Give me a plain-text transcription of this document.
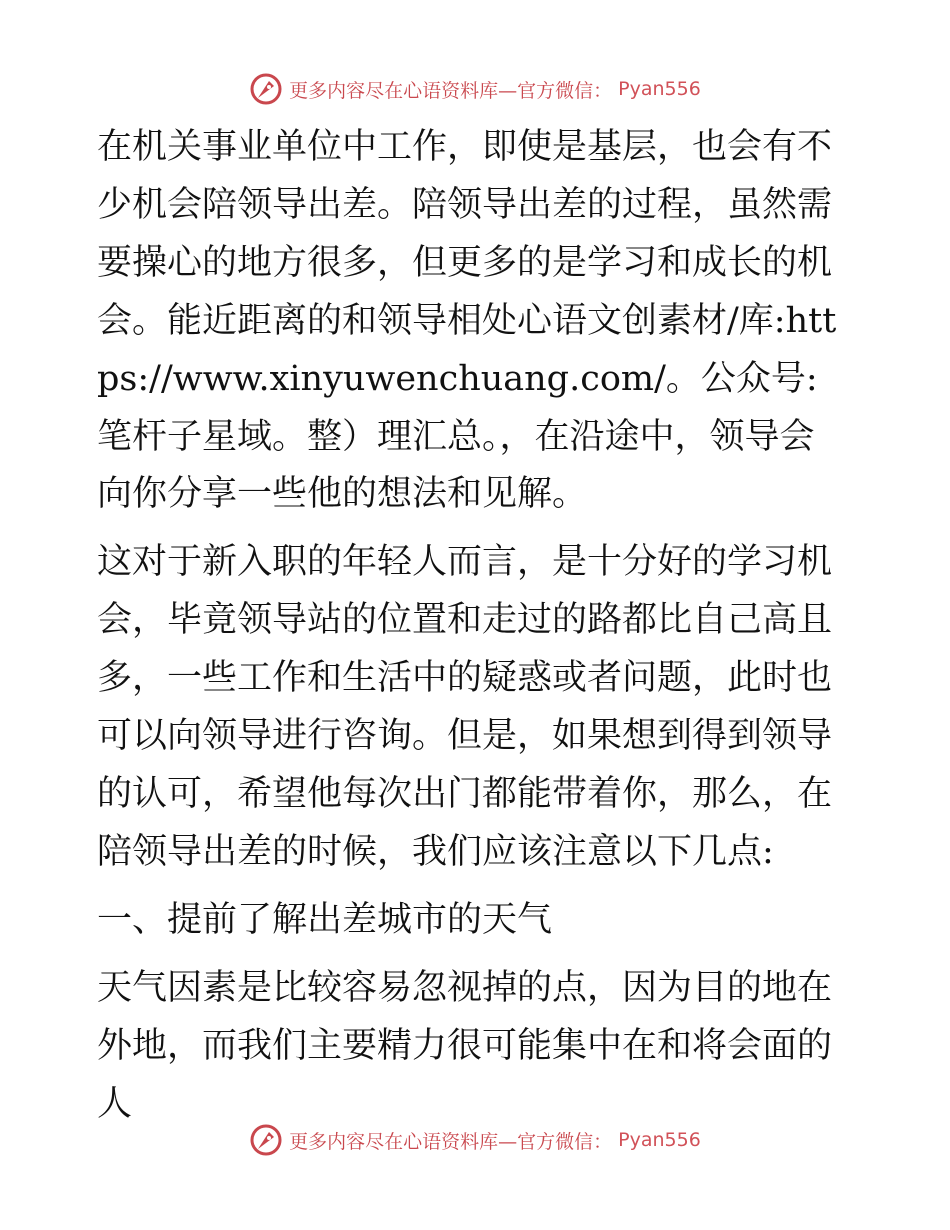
更多内容尽在心语资料库—官方微信： Pyan556

在机关事业单位中工作，即使是基层，也会有不少机会陪领导出差。陪领导出差的过程，虽然需要操心的地方很多，但更多的是学习和成长的机会。能近距离的和领导相处心语文创素材/库:https://www.xinyuwenchuang.com/。公众号: 笔杆子星域。整）理汇总。，在沿途中，领导会向你分享一些他的想法和见解。

这对于新入职的年轻人而言，是十分好的学习机会，毕竟领导站的位置和走过的路都比自己高且多，一些工作和生活中的疑惑或者问题，此时也可以向领导进行咨询。但是，如果想到得到领导的认可，希望他每次出门都能带着你，那么，在陪领导出差的时候，我们应该注意以下几点:

一、提前了解出差城市的天气

天气因素是比较容易忽视掉的点，因为目的地在外地，而我们主要精力很可能集中在和将会面的人

更多内容尽在心语资料库—官方微信： Pyan556
